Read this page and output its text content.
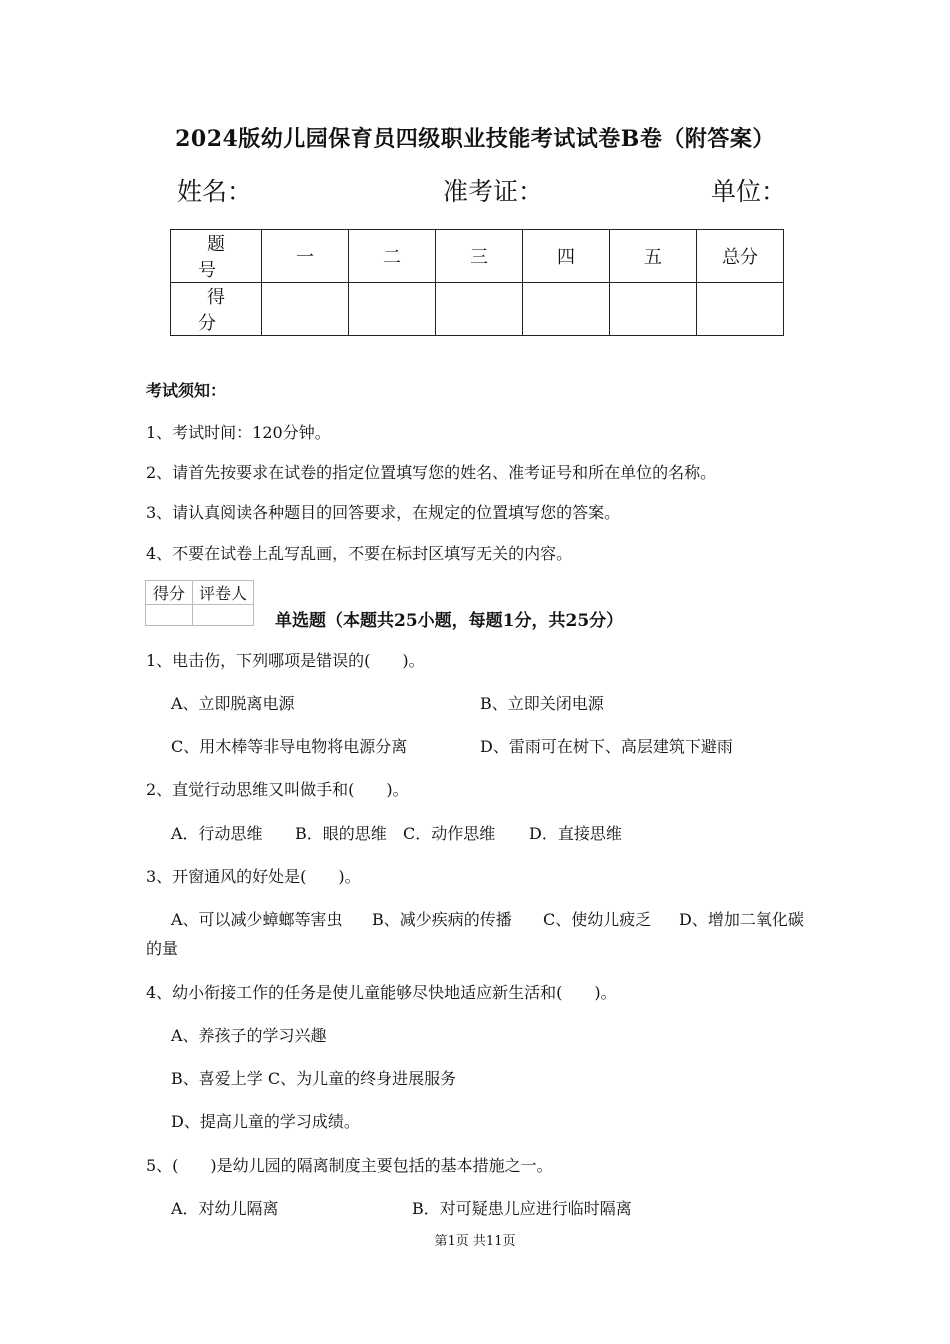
2024版幼儿园保育员四级职业技能考试试卷B卷（附答案）
姓名：	准考证：	单位：
题　号	一	二	三	四	五	总分
得　分						
考试须知：
1、考试时间：120分钟。
2、请首先按要求在试卷的指定位置填写您的姓名、准考证号和所在单位的名称。
3、请认真阅读各种题目的回答要求，在规定的位置填写您的答案。
4、不要在试卷上乱写乱画，不要在标封区填写无关的内容。
得分	评卷人

单选题（本题共25小题，每题1分，共25分）
1、电击伤，下列哪项是错误的(　　)。
A、立即脱离电源	B、立即关闭电源
C、用木棒等非导电物将电源分离	D、雷雨可在树下、高层建筑下避雨
2、直觉行动思维又叫做手和(　　)。
A．行动思维 B．眼的思维 C．动作思维 D．直接思维
3、开窗通风的好处是(　　)。
A、可以减少蟑螂等害虫 B、减少疾病的传播 C、使幼儿疲乏 D、增加二氧化碳
的量
4、幼小衔接工作的任务是使儿童能够尽快地适应新生活和(　　)。
A、养孩子的学习兴趣
B、喜爱上学 C、为儿童的终身进展服务
D、提高儿童的学习成绩。
5、(　　)是幼儿园的隔离制度主要包括的基本措施之一。
A．对幼儿隔离	B．对可疑患儿应进行临时隔离
第1页 共11页
